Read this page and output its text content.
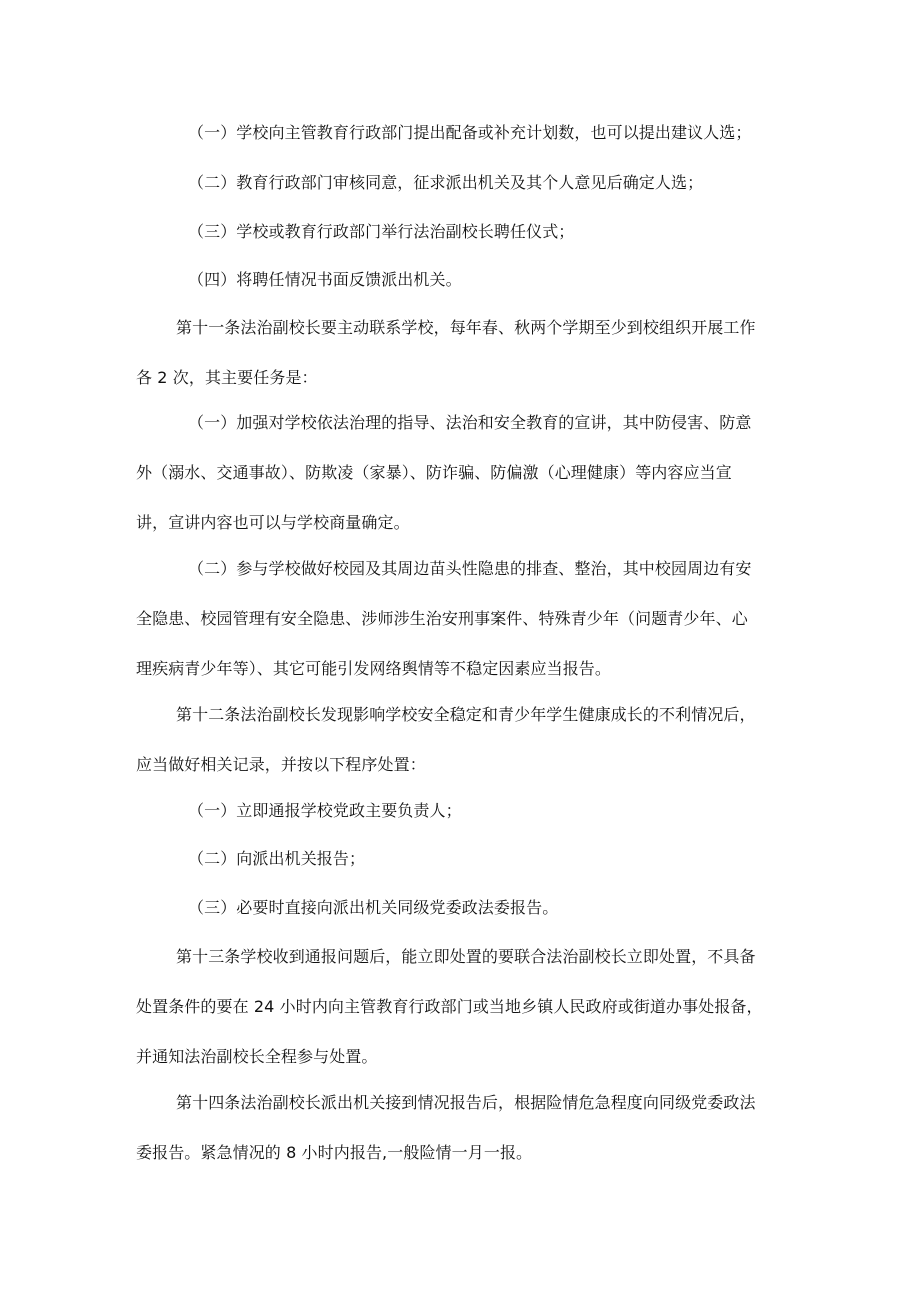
（一）学校向主管教育行政部门提出配备或补充计划数，也可以提出建议人选；

（二）教育行政部门审核同意，征求派出机关及其个人意见后确定人选；

（三）学校或教育行政部门举行法治副校长聘任仪式；

（四）将聘任情况书面反馈派出机关。

第十一条法治副校长要主动联系学校，每年春、秋两个学期至少到校组织开展工作
各 2 次，其主要任务是：

（一）加强对学校依法治理的指导、法治和安全教育的宣讲，其中防侵害、防意
外（溺水、交通事故）、防欺凌（家暴）、防诈骗、防偏激（心理健康）等内容应当宣
讲，宣讲内容也可以与学校商量确定。

（二）参与学校做好校园及其周边苗头性隐患的排查、整治，其中校园周边有安
全隐患、校园管理有安全隐患、涉师涉生治安刑事案件、特殊青少年（问题青少年、心
理疾病青少年等）、其它可能引发网络舆情等不稳定因素应当报告。

第十二条法治副校长发现影响学校安全稳定和青少年学生健康成长的不利情况后，
应当做好相关记录，并按以下程序处置：

（一）立即通报学校党政主要负责人；

（二）向派出机关报告；

（三）必要时直接向派出机关同级党委政法委报告。

第十三条学校收到通报问题后，能立即处置的要联合法治副校长立即处置，不具备
处置条件的要在 24 小时内向主管教育行政部门或当地乡镇人民政府或街道办事处报备，
并通知法治副校长全程参与处置。

第十四条法治副校长派出机关接到情况报告后，根据险情危急程度向同级党委政法
委报告。紧急情况的 8 小时内报告,一般险情一月一报。
